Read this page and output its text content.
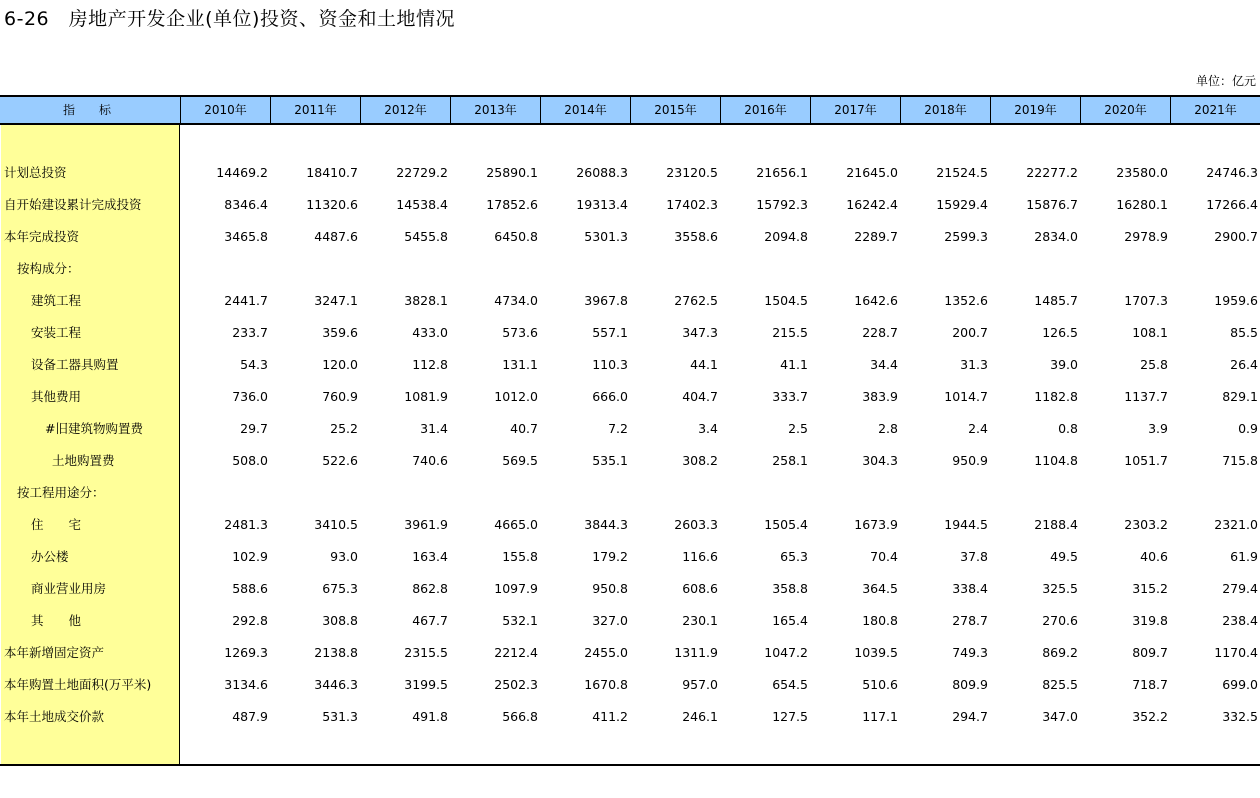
6-26　房地产开发企业(单位)投资、资金和土地情况
单位：亿元
指　标	2010年	2011年	2012年	2013年	2014年	2015年	2016年	2017年	2018年	2019年	2020年	2021年
计划总投资	14469.2	18410.7	22729.2	25890.1	26088.3	23120.5	21656.1	21645.0	21524.5	22277.2	23580.0	24746.3
自开始建设累计完成投资	8346.4	11320.6	14538.4	17852.6	19313.4	17402.3	15792.3	16242.4	15929.4	15876.7	16280.1	17266.4
本年完成投资	3465.8	4487.6	5455.8	6450.8	5301.3	3558.6	2094.8	2289.7	2599.3	2834.0	2978.9	2900.7
按构成分：
建筑工程	2441.7	3247.1	3828.1	4734.0	3967.8	2762.5	1504.5	1642.6	1352.6	1485.7	1707.3	1959.6
安装工程	233.7	359.6	433.0	573.6	557.1	347.3	215.5	228.7	200.7	126.5	108.1	85.5
设备工器具购置	54.3	120.0	112.8	131.1	110.3	44.1	41.1	34.4	31.3	39.0	25.8	26.4
其他费用	736.0	760.9	1081.9	1012.0	666.0	404.7	333.7	383.9	1014.7	1182.8	1137.7	829.1
#旧建筑物购置费	29.7	25.2	31.4	40.7	7.2	3.4	2.5	2.8	2.4	0.8	3.9	0.9
土地购置费	508.0	522.6	740.6	569.5	535.1	308.2	258.1	304.3	950.9	1104.8	1051.7	715.8
按工程用途分：
住　　宅	2481.3	3410.5	3961.9	4665.0	3844.3	2603.3	1505.4	1673.9	1944.5	2188.4	2303.2	2321.0
办公楼	102.9	93.0	163.4	155.8	179.2	116.6	65.3	70.4	37.8	49.5	40.6	61.9
商业营业用房	588.6	675.3	862.8	1097.9	950.8	608.6	358.8	364.5	338.4	325.5	315.2	279.4
其　　他	292.8	308.8	467.7	532.1	327.0	230.1	165.4	180.8	278.7	270.6	319.8	238.4
本年新增固定资产	1269.3	2138.8	2315.5	2212.4	2455.0	1311.9	1047.2	1039.5	749.3	869.2	809.7	1170.4
本年购置土地面积(万平米)	3134.6	3446.3	3199.5	2502.3	1670.8	957.0	654.5	510.6	809.9	825.5	718.7	699.0
本年土地成交价款	487.9	531.3	491.8	566.8	411.2	246.1	127.5	117.1	294.7	347.0	352.2	332.5
